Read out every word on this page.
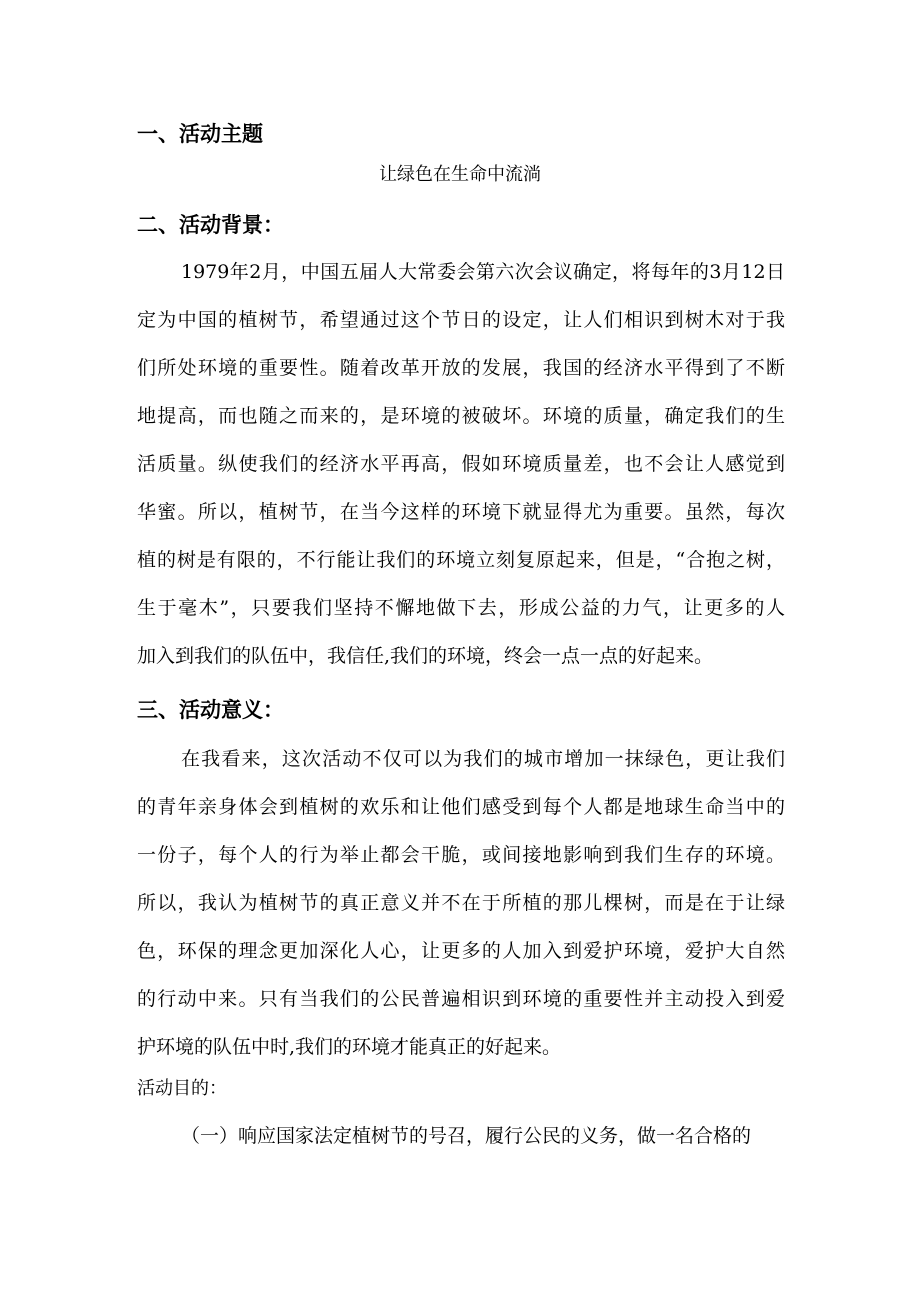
一、活动主题

让绿色在生命中流淌

二、活动背景：

1979年2月，中国五届人大常委会第六次会议确定，将每年的3月12日

定为中国的植树节，希望通过这个节日的设定，让人们相识到树木对于我

们所处环境的重要性。随着改革开放的发展，我国的经济水平得到了不断

地提高，而也随之而来的，是环境的被破坏。环境的质量，确定我们的生

活质量。纵使我们的经济水平再高，假如环境质量差，也不会让人感觉到

华蜜。所以，植树节，在当今这样的环境下就显得尤为重要。虽然，每次

植的树是有限的，不行能让我们的环境立刻复原起来，但是，“合抱之树，

生于毫木”，只要我们坚持不懈地做下去，形成公益的力气，让更多的人

加入到我们的队伍中，我信任,我们的环境，终会一点一点的好起来。

三、活动意义：

在我看来，这次活动不仅可以为我们的城市增加一抹绿色，更让我们

的青年亲身体会到植树的欢乐和让他们感受到每个人都是地球生命当中的

一份子，每个人的行为举止都会干脆，或间接地影响到我们生存的环境。

所以，我认为植树节的真正意义并不在于所植的那儿棵树，而是在于让绿

色，环保的理念更加深化人心，让更多的人加入到爱护环境，爱护大自然

的行动中来。只有当我们的公民普遍相识到环境的重要性并主动投入到爱

护环境的队伍中时,我们的环境才能真正的好起来。

活动目的：

（一）响应国家法定植树节的号召，履行公民的义务，做一名合格的
